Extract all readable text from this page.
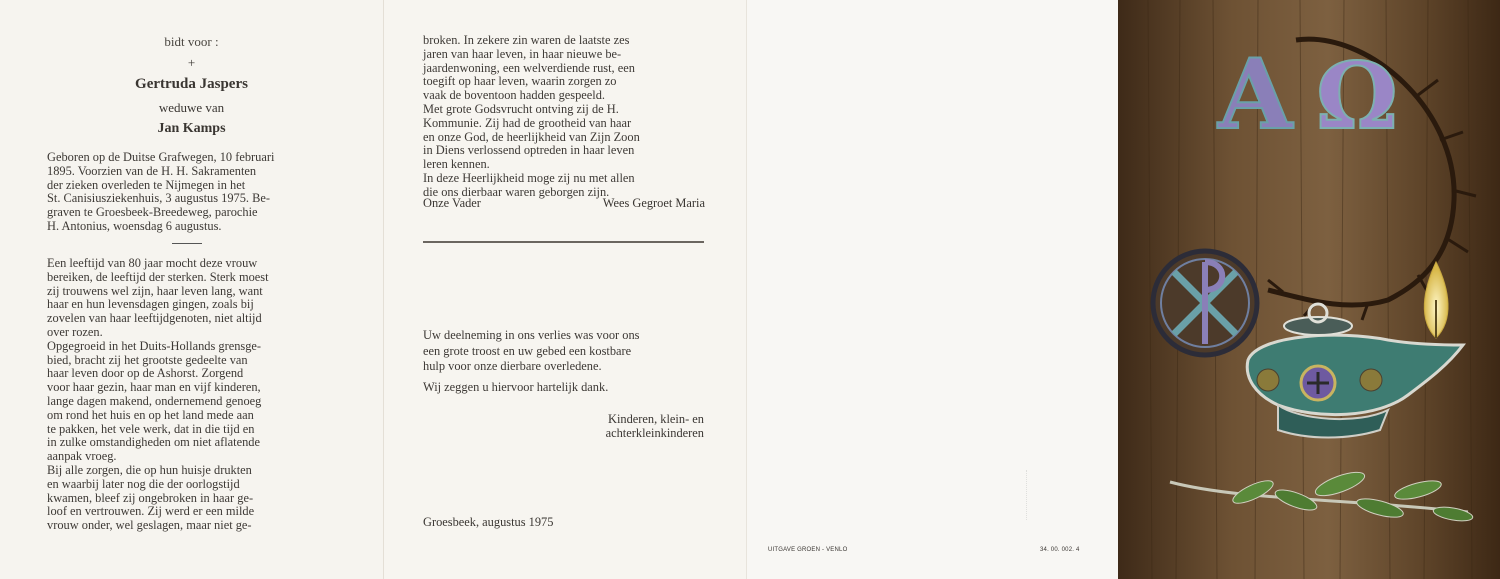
bidt voor :
+
Gertruda Jaspers
weduwe van
Jan Kamps

Geboren op de Duitse Grafwegen, 10 februari

1895. Voorzien van de H. H. Sakramenten

der zieken overleden te Nijmegen in het

St. Canisiusziekenhuis, 3 augustus 1975. Be-

graven te Groesbeek-Breedeweg, parochie

H. Antonius, woensdag 6 augustus.

Een leeftijd van 80 jaar mocht deze vrouw

bereiken, de leeftijd der sterken. Sterk moest

zij trouwens wel zijn, haar leven lang, want

haar en hun levensdagen gingen, zoals bij

zovelen van haar leeftijdgenoten, niet altijd

over rozen.

Opgegroeid in het Duits-Hollands grensge-

bied, bracht zij het grootste gedeelte van

haar leven door op de Ashorst. Zorgend

voor haar gezin, haar man en vijf kinderen,

lange dagen makend, ondernemend genoeg

om rond het huis en op het land mede aan

te pakken, het vele werk, dat in die tijd en

in zulke omstandigheden om niet aflatende

aanpak vroeg.

Bij alle zorgen, die op hun huisje drukten

en waarbij later nog die der oorlogstijd

kwamen, bleef zij ongebroken in haar ge-

loof en vertrouwen. Zij werd er een milde

vrouw onder, wel geslagen, maar niet ge-

broken. In zekere zin waren de laatste zes

jaren van haar leven, in haar nieuwe be-

jaardenwoning, een welverdiende rust, een

toegift op haar leven, waarin zorgen zo

vaak de boventoon hadden gespeeld.

Met grote Godsvrucht ontving zij de H.

Kommunie. Zij had de grootheid van haar

en onze God, de heerlijkheid van Zijn Zoon

in Diens verlossend optreden in haar leven

leren kennen.

In deze Heerlijkheid moge zij nu met allen

die ons dierbaar waren geborgen zijn.

Onze Vader	Wees Gegroet Maria

Uw deelneming in ons verlies was voor ons

een grote troost en uw gebed een kostbare

hulp voor onze dierbare overledene.

Wij zeggen u hiervoor hartelijk dank.

Kinderen, klein- en
achterkleinkinderen
Groesbeek, augustus 1975
UITGAVE GROEN - VENLO	34. 00. 002. 4
A Ω
